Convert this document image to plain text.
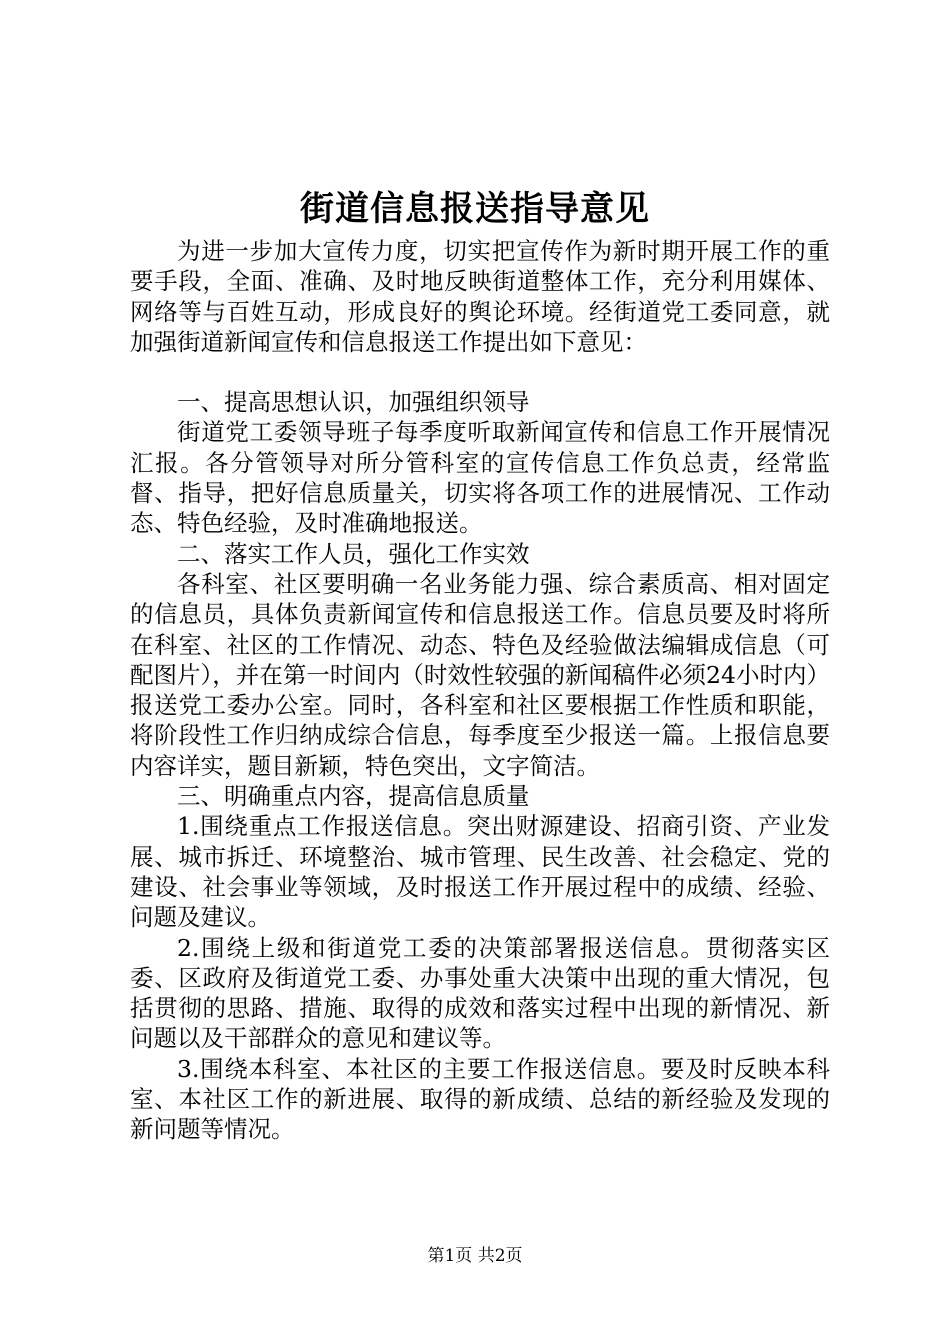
街道信息报送指导意见

为进一步加大宣传力度，切实把宣传作为新时期开展工作的重要手段，全面、准确、及时地反映街道整体工作，充分利用媒体、网络等与百姓互动，形成良好的舆论环境。经街道党工委同意，就加强街道新闻宣传和信息报送工作提出如下意见：

一、提高思想认识，加强组织领导

街道党工委领导班子每季度听取新闻宣传和信息工作开展情况汇报。各分管领导对所分管科室的宣传信息工作负总责，经常监督、指导，把好信息质量关，切实将各项工作的进展情况、工作动态、特色经验，及时准确地报送。

二、落实工作人员，强化工作实效

各科室、社区要明确一名业务能力强、综合素质高、相对固定的信息员，具体负责新闻宣传和信息报送工作。信息员要及时将所在科室、社区的工作情况、动态、特色及经验做法编辑成信息（可配图片），并在第一时间内（时效性较强的新闻稿件必须24小时内）报送党工委办公室。同时，各科室和社区要根据工作性质和职能，将阶段性工作归纳成综合信息，每季度至少报送一篇。上报信息要内容详实，题目新颖，特色突出，文字简洁。

三、明确重点内容，提高信息质量

1.围绕重点工作报送信息。突出财源建设、招商引资、产业发展、城市拆迁、环境整治、城市管理、民生改善、社会稳定、党的建设、社会事业等领域，及时报送工作开展过程中的成绩、经验、问题及建议。

2.围绕上级和街道党工委的决策部署报送信息。贯彻落实区委、区政府及街道党工委、办事处重大决策中出现的重大情况，包括贯彻的思路、措施、取得的成效和落实过程中出现的新情况、新问题以及干部群众的意见和建议等。

3.围绕本科室、本社区的主要工作报送信息。要及时反映本科室、本社区工作的新进展、取得的新成绩、总结的新经验及发现的新问题等情况。

第1页 共2页
